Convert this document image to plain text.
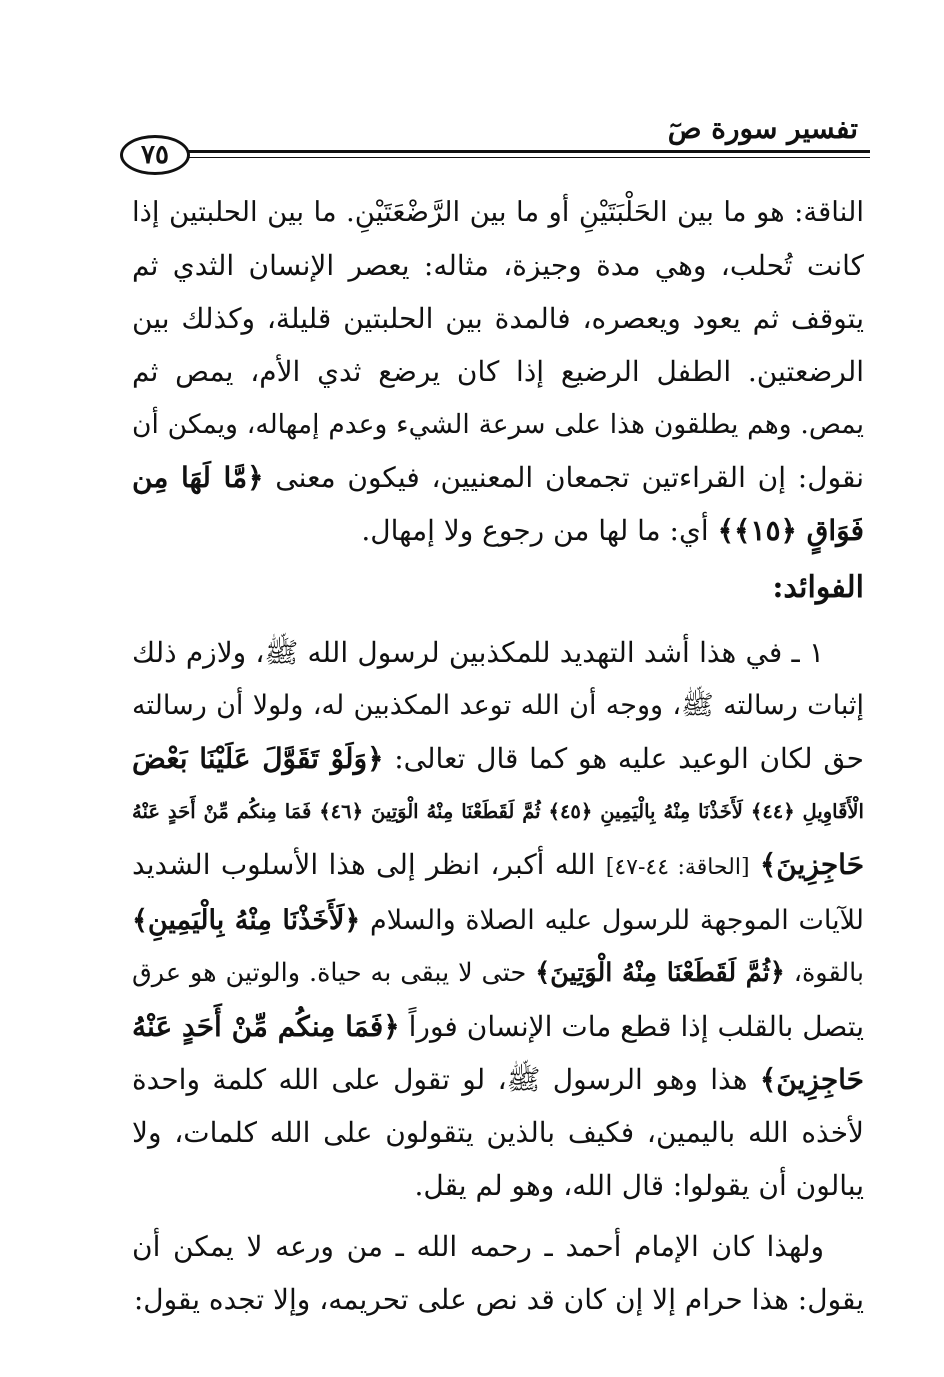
تفسير سورة صٓ
٧٥

الناقة: هو ما بين الحَلْبَتَيْنِ أو ما بين الرَّضْعَتَيْنِ. ما بين الحلبتين إذا
كانت تُحلب، وهي مدة وجيزة، مثاله: يعصر الإنسان الثدي ثم
يتوقف ثم يعود ويعصره، فالمدة بين الحلبتين قليلة، وكذلك بين
الرضعتين. الطفل الرضيع إذا كان يرضع ثدي الأم، يمص ثم
يمص. وهم يطلقون هذا على سرعة الشيء وعدم إمهاله، ويمكن أن
نقول: إن القراءتين تجمعان المعنيين، فيكون معنى ﴿مَّا لَهَا مِن
فَوَاقٍ ﴿١٥﴾﴾ أي: ما لها من رجوع ولا إمهال.

الفوائد:

١ ـ في هذا أشد التهديد للمكذبين لرسول الله ﷺ، ولازم ذلك
إثبات رسالته ﷺ، ووجه أن الله توعد المكذبين له، ولولا أن رسالته
حق لكان الوعيد عليه هو كما قال تعالى: ﴿وَلَوْ تَقَوَّلَ عَلَيْنَا بَعْضَ
الْأَقَاوِيلِ ﴿٤٤﴾ لَأَخَذْنَا مِنْهُ بِالْيَمِينِ ﴿٤٥﴾ ثُمَّ لَقَطَعْنَا مِنْهُ الْوَتِينَ ﴿٤٦﴾ فَمَا مِنكُم مِّنْ أَحَدٍ عَنْهُ
حَاجِزِينَ﴾ [الحاقة: ٤٤-٤٧] الله أكبر، انظر إلى هذا الأسلوب الشديد
للآيات الموجهة للرسول عليه الصلاة والسلام ﴿لَأَخَذْنَا مِنْهُ بِالْيَمِينِ﴾
بالقوة، ﴿ثُمَّ لَقَطَعْنَا مِنْهُ الْوَتِينَ﴾ حتى لا يبقى به حياة. والوتين هو عرق
يتصل بالقلب إذا قطع مات الإنسان فوراً ﴿فَمَا مِنكُم مِّنْ أَحَدٍ عَنْهُ
حَاجِزِينَ﴾ هذا وهو الرسول ﷺ، لو تقول على الله كلمة واحدة
لأخذه الله باليمين، فكيف بالذين يتقولون على الله كلمات، ولا
يبالون أن يقولوا: قال الله، وهو لم يقل.

ولهذا كان الإمام أحمد ـ رحمه الله ـ من ورعه لا يمكن أن
يقول: هذا حرام إلا إن كان قد نص على تحريمه، وإلا تجده يقول:
